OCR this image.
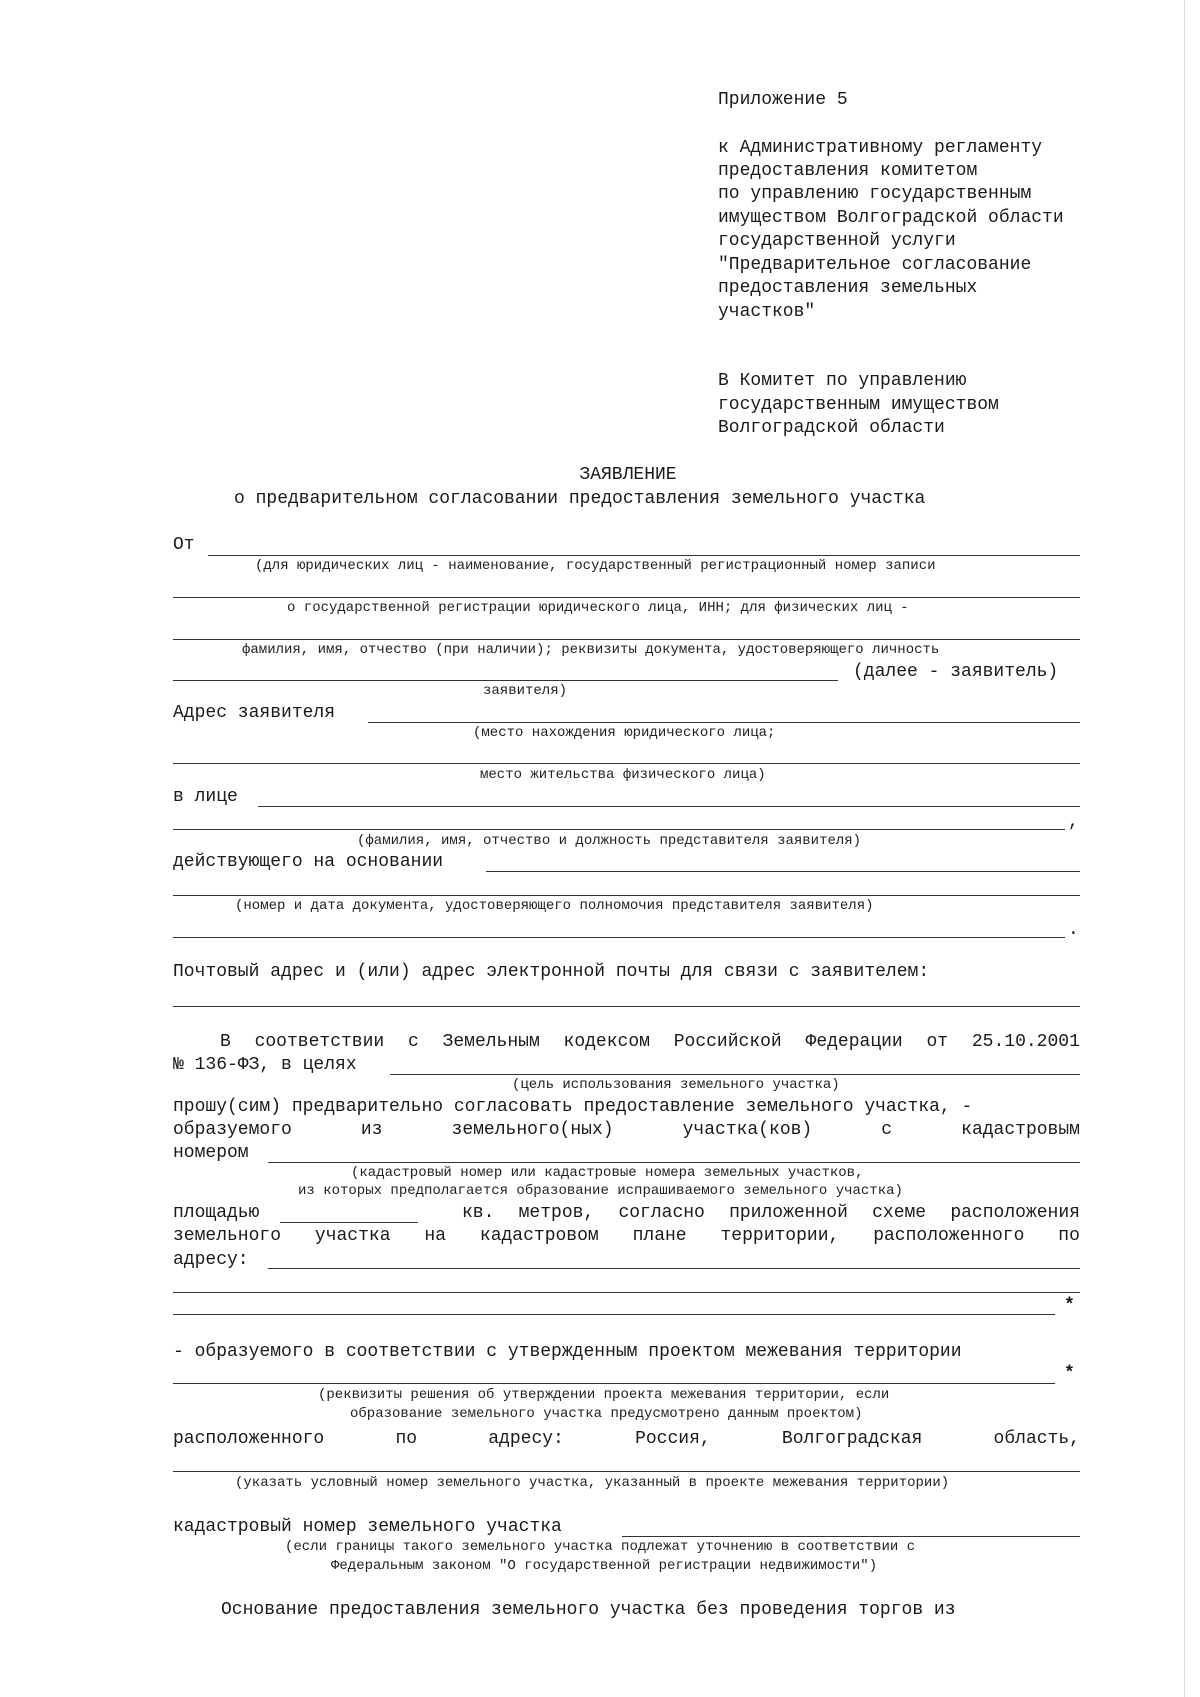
Приложение 5
к Административному регламенту
предоставления комитетом
по управлению государственным
имуществом Волгоградской области
государственной услуги
"Предварительное согласование
предоставления земельных
участков"
В Комитет по управлению
государственным имуществом
Волгоградской области
ЗАЯВЛЕНИЕ
о предварительном согласовании предоставления земельного участка
От
(для юридических лиц - наименование, государственный регистрационный номер записи
о государственной регистрации юридического лица, ИНН; для физических лиц -
фамилия, имя, отчество (при наличии); реквизиты документа, удостоверяющего личность
(далее - заявитель)
заявителя)
Адрес заявителя
(место нахождения юридического лица;
место жительства физического лица)
в лице
,
(фамилия, имя, отчество и должность представителя заявителя)
действующего на основании
(номер и дата документа, удостоверяющего полномочия представителя заявителя)
.
Почтовый адрес и (или) адрес электронной почты для связи с заявителем:
В соответствии с Земельным кодексом Российской Федерации от 25.10.2001
№ 136-ФЗ, в целях
(цель использования земельного участка)
прошу(сим) предварительно согласовать предоставление земельного участка, -
образуемого	из	земельного(ных)	участка(ков)	с	кадастровым
номером
(кадастровый номер или кадастровые номера земельных участков,
из которых предполагается образование испрашиваемого земельного участка)
площадью	кв. метров, согласно приложенной схеме расположения
земельного участка на кадастровом плане территории, расположенного по
адресу:
*
- образуемого в соответствии с утвержденным проектом межевания территории
*
(реквизиты решения об утверждении проекта межевания территории, если
образование земельного участка предусмотрено данным проектом)
расположенного	по	адресу:	Россия,	Волгоградская	область,
(указать условный номер земельного участка, указанный в проекте межевания территории)
кадастровый номер земельного участка
(если границы такого земельного участка подлежат уточнению в соответствии с
Федеральным законом "О государственной регистрации недвижимости")
Основание предоставления земельного участка без проведения торгов из
